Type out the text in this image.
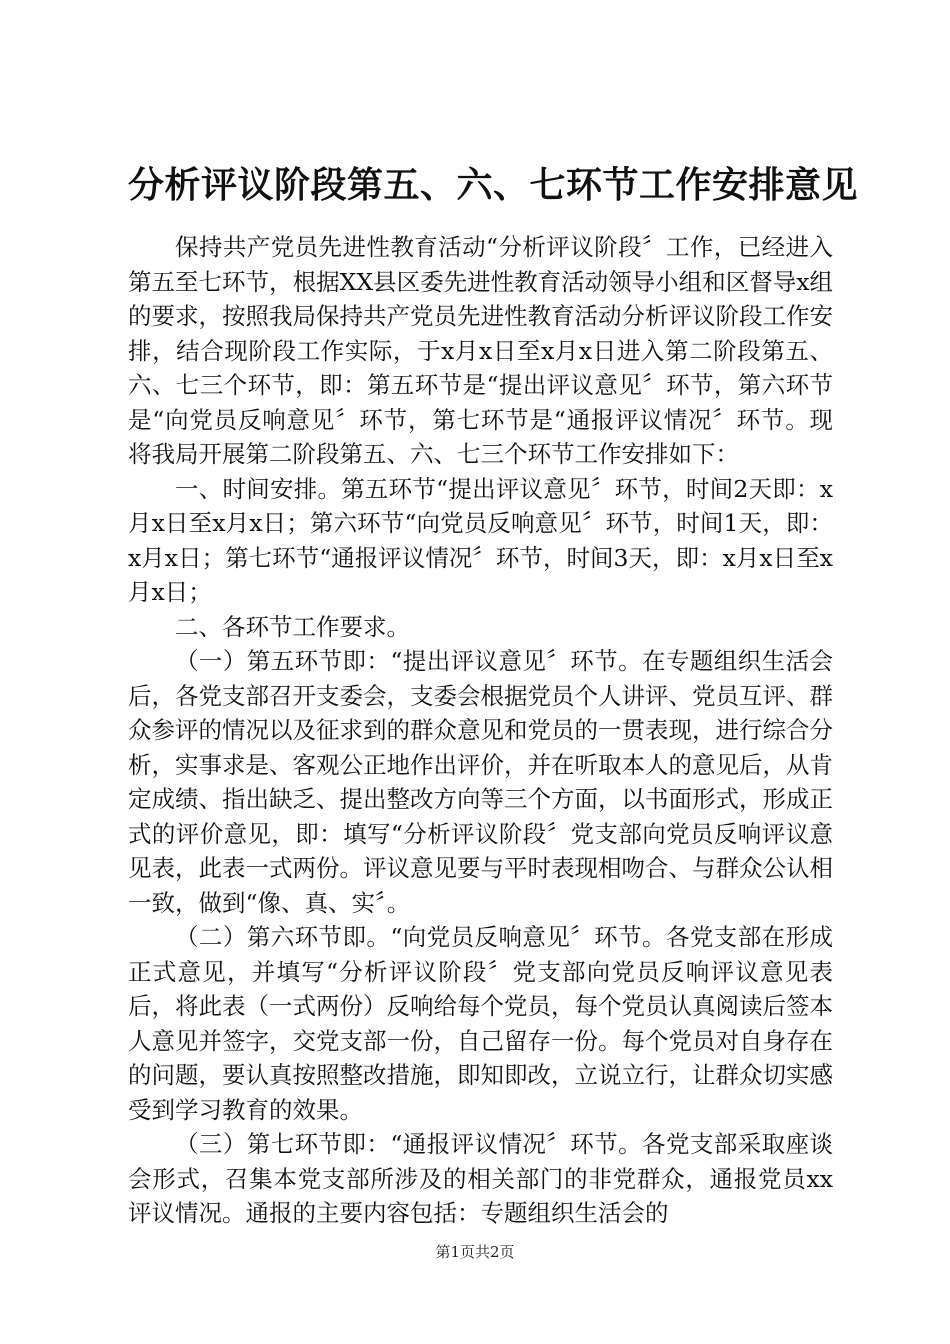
分析评议阶段第五、六、七环节工作安排意见

保持共产党员先进性教育活动“分析评议阶段〞工作，已经进入第五至七环节，根据XX县区委先进性教育活动领导小组和区督导x组的要求，按照我局保持共产党员先进性教育活动分析评议阶段工作安排，结合现阶段工作实际，于x月x日至x月x日进入第二阶段第五、六、七三个环节，即：第五环节是“提出评议意见〞环节，第六环节是“向党员反响意见〞环节，第七环节是“通报评议情况〞环节。现将我局开展第二阶段第五、六、七三个环节工作安排如下：

一、时间安排。第五环节“提出评议意见〞环节，时间2天即：x月x日至x月x日；第六环节“向党员反响意见〞环节，时间1天，即：x月x日；第七环节“通报评议情况〞环节，时间3天，即：x月x日至x月x日；

二、各环节工作要求。

（一）第五环节即：“提出评议意见〞环节。在专题组织生活会后，各党支部召开支委会，支委会根据党员个人讲评、党员互评、群众参评的情况以及征求到的群众意见和党员的一贯表现，进行综合分析，实事求是、客观公正地作出评价，并在听取本人的意见后，从肯定成绩、指出缺乏、提出整改方向等三个方面，以书面形式，形成正式的评价意见，即：填写“分析评议阶段〞党支部向党员反响评议意见表，此表一式两份。评议意见要与平时表现相吻合、与群众公认相一致，做到“像、真、实〞。

（二）第六环节即。“向党员反响意见〞环节。各党支部在形成正式意见，并填写“分析评议阶段〞党支部向党员反响评议意见表后，将此表（一式两份）反响给每个党员，每个党员认真阅读后签本人意见并签字，交党支部一份，自己留存一份。每个党员对自身存在的问题，要认真按照整改措施，即知即改，立说立行，让群众切实感受到学习教育的效果。

（三）第七环节即：“通报评议情况〞环节。各党支部采取座谈会形式，召集本党支部所涉及的相关部门的非党群众，通报党员xx评议情况。通报的主要内容包括：专题组织生活会的

第1页共2页
